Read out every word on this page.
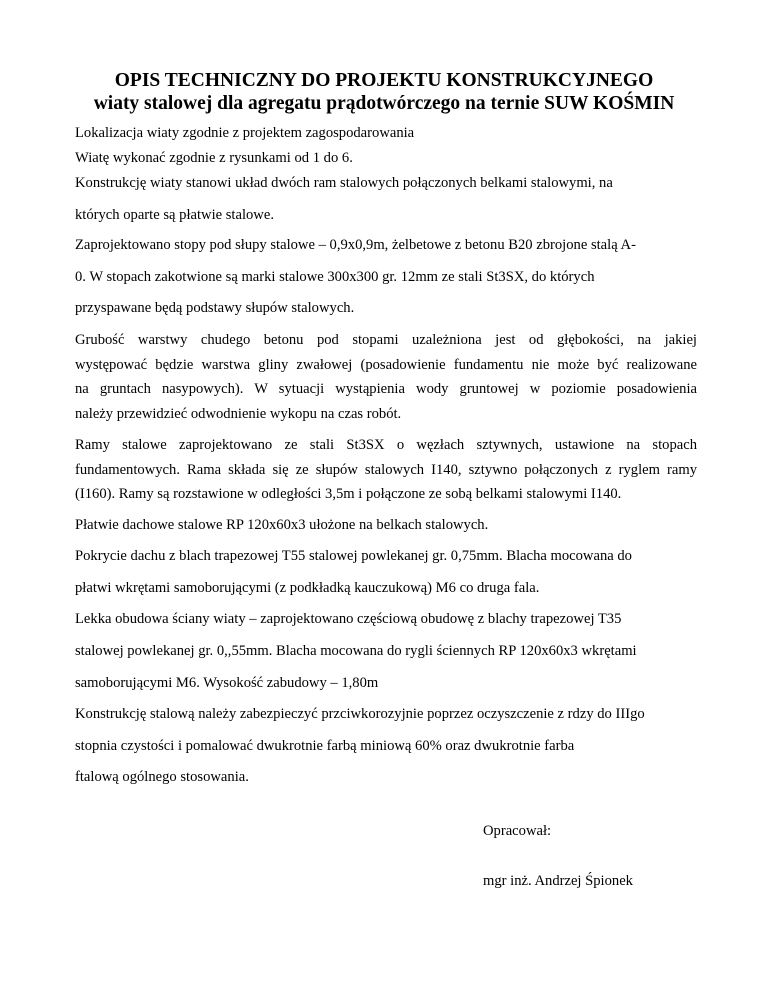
OPIS TECHNICZNY DO PROJEKTU KONSTRUKCYJNEGO
wiaty stalowej dla agregatu prądotwórczego na ternie SUW KOŚMIN
Lokalizacja wiaty zgodnie z projektem zagospodarowania
Wiatę wykonać zgodnie z rysunkami od 1 do 6.
Konstrukcję wiaty stanowi układ dwóch ram stalowych połączonych belkami stalowymi, na
których oparte są płatwie stalowe.
Zaprojektowano stopy pod słupy stalowe – 0,9x0,9m, żelbetowe z betonu B20 zbrojone stalą A-
0. W stopach zakotwione są marki stalowe 300x300 gr. 12mm ze stali St3SX, do których
przyspawane będą podstawy słupów stalowych.
Grubość warstwy chudego betonu pod stopami uzależniona jest od głębokości, na jakiej
występować będzie warstwa gliny zwałowej (posadowienie fundamentu nie może być realizowane
na gruntach nasypowych). W sytuacji wystąpienia wody gruntowej w poziomie posadowienia
należy przewidzieć odwodnienie wykopu na czas robót.
Ramy stalowe zaprojektowano ze stali St3SX o węzłach sztywnych, ustawione na stopach
fundamentowych. Rama składa się ze słupów stalowych I140, sztywno połączonych z ryglem ramy
(I160). Ramy są rozstawione w odległości 3,5m i połączone ze sobą belkami stalowymi I140.
Płatwie dachowe stalowe RP 120x60x3 ułożone na belkach stalowych.
Pokrycie dachu z blach trapezowej T55 stalowej powlekanej gr. 0,75mm. Blacha mocowana do
płatwi wkrętami samoborującymi (z podkładką kauczukową) M6 co druga fala.
Lekka obudowa ściany wiaty – zaprojektowano częściową obudowę z blachy trapezowej T35
stalowej powlekanej gr. 0,,55mm. Blacha mocowana do rygli ściennych RP 120x60x3 wkrętami
samoborującymi M6. Wysokość zabudowy – 1,80m
Konstrukcję stalową należy zabezpieczyć przciwkorozyjnie poprzez oczyszczenie z rdzy do IIIgo
stopnia czystości i pomalować dwukrotnie farbą miniową 60% oraz dwukrotnie farba
ftalową ogólnego stosowania.
Opracował:
mgr inż. Andrzej Śpionek
